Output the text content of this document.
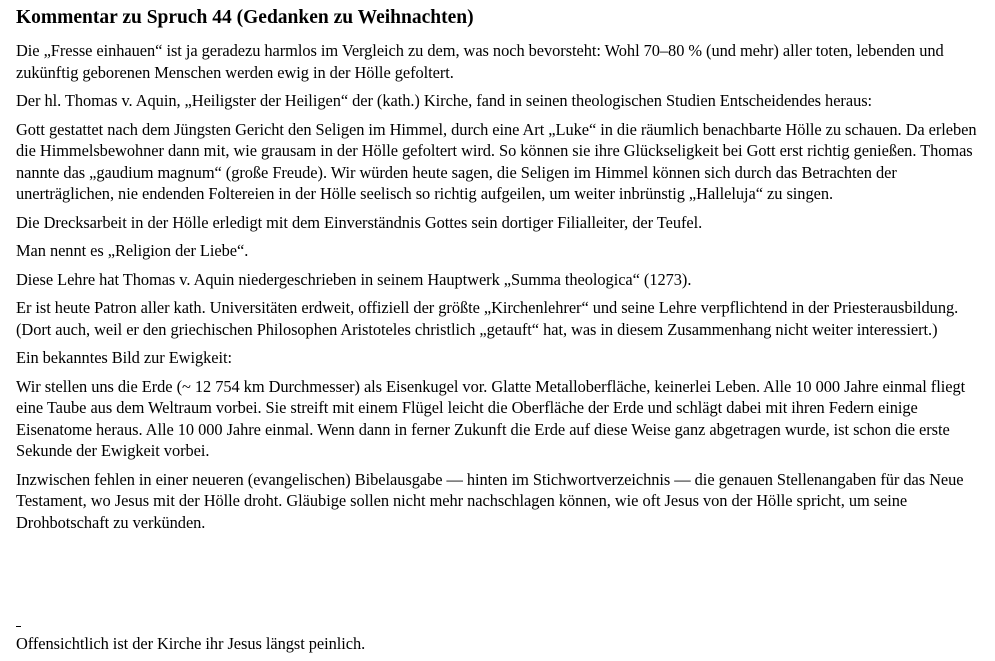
Kommentar zu Spruch 44 (Gedanken zu Weihnachten)

Die „Fresse einhauen“ ist ja geradezu harmlos im Vergleich zu dem, was noch bevorsteht: Wohl 70–80 % (und mehr) aller toten, lebenden und zukünftig geborenen Menschen werden ewig in der Hölle gefoltert.

Der hl. Thomas v. Aquin, „Heiligster der Heiligen“ der (kath.) Kirche, fand in seinen theologischen Studien Entscheidendes heraus:

Gott gestattet nach dem Jüngsten Gericht den Seligen im Himmel, durch eine Art „Luke“ in die räumlich benachbarte Hölle zu schauen. Da erleben die Himmelsbewohner dann mit, wie grausam in der Hölle gefoltert wird. So können sie ihre Glückseligkeit bei Gott erst richtig genießen. Thomas nannte das „gaudium magnum“ (große Freude). Wir würden heute sagen, die Seligen im Himmel können sich durch das Betrachten der unerträglichen, nie endenden Foltereien in der Hölle seelisch so richtig aufgeilen, um weiter inbrünstig „Halleluja“ zu singen.

Die Drecksarbeit in der Hölle erledigt mit dem Einverständnis Gottes sein dortiger Filialleiter, der Teufel.

Man nennt es „Religion der Liebe“.

Diese Lehre hat Thomas v. Aquin niedergeschrieben in seinem Hauptwerk „Summa theologica“ (1273).

Er ist heute Patron aller kath. Universitäten erdweit, offiziell der größte „Kirchenlehrer“ und seine Lehre verpflichtend in der Priesterausbildung. (Dort auch, weil er den griechischen Philosophen Aristoteles christlich „getauft“ hat, was in diesem Zusammenhang nicht weiter interessiert.)

Ein bekanntes Bild zur Ewigkeit:

Wir stellen uns die Erde (~ 12 754 km Durchmesser) als Eisenkugel vor. Glatte Metalloberfläche, keinerlei Leben. Alle 10 000 Jahre einmal fliegt eine Taube aus dem Weltraum vorbei. Sie streift mit einem Flügel leicht die Oberfläche der Erde und schlägt dabei mit ihren Federn einige Eisenatome heraus. Alle 10 000 Jahre einmal. Wenn dann in ferner Zukunft die Erde auf diese Weise ganz abgetragen wurde, ist schon die erste Sekunde der Ewigkeit vorbei.

Inzwischen fehlen in einer neueren (evangelischen) Bibelausgabe — hinten im Stichwortverzeichnis — die genauen Stellenangaben für das Neue Testament, wo Jesus mit der Hölle droht. Gläubige sollen nicht mehr nachschlagen können, wie oft Jesus von der Hölle spricht, um seine Drohbotschaft zu verkünden.

Offensichtlich ist der Kirche ihr Jesus längst peinlich.
